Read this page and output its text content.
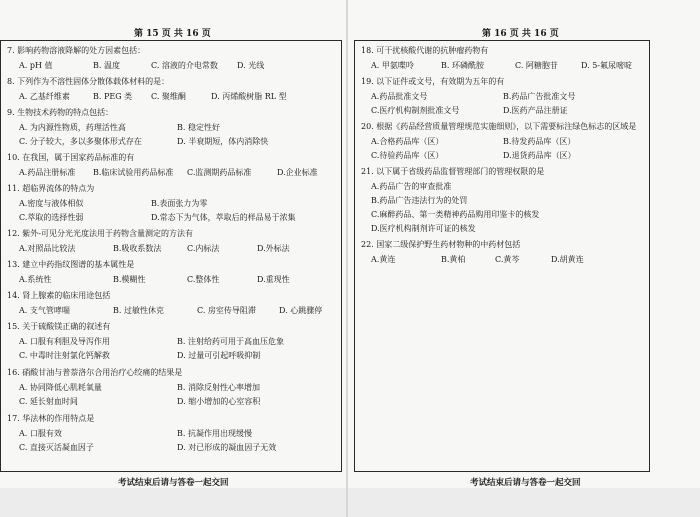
第 15 页 共 16 页
7. 影响药物溶液降解的处方因素包括：
A. pH 值	B. 温度	C. 溶液的介电常数 D. 光线
8. 下列作为不溶性固体分散体载体材料的是：
A. 乙基纤维素	B. PEG 类 C. 聚维酮	D. 丙烯酸树脂 RL 型
9. 生物技术药物的特点包括：
A. 为内源性物质，药理活性高	B. 稳定性好
C. 分子较大，多以多聚体形式存在	D. 半衰期短，体内消除快
10. 在我国，属于国家药品标准的有
A.药品注册标准 B.临床试验用药品标准 C.监测期药品标准	D.企业标准
11. 超临界流体的特点为
A.密度与液体相似	B.表面张力为零
C.萃取的选择性弱	D.常态下为气体，萃取后的样品易于浓集
12. 紫外-可见分光光度法用于药物含量测定的方法有
A.对照品比较法	B.吸收系数法	C.内标法	D.外标法
13. 建立中药指纹图谱的基本属性是
A.系统性	B.模糊性	C.整体性	D.重现性
14. 肾上腺素的临床用途包括
A. 支气管哮喘	B. 过敏性休克	C. 房室传导阻滞	D. 心跳骤停
15. 关于硫酸镁正确的叙述有
A. 口服有利胆及导泻作用	B. 注射给药可用于高血压危象
C. 中毒时注射氯化钙解救	D. 过量可引起呼吸抑制
16. 硝酸甘油与普萘洛尔合用治疗心绞痛的结果是
A. 协同降低心肌耗氧量	B. 消除反射性心率增加
C. 延长射血时间	D. 缩小增加的心室容积
17. 华法林的作用特点是
A. 口服有效	B. 抗凝作用出现缓慢
C. 直接灭活凝血因子	D. 对已形成的凝血因子无效
考试结束后请与答卷一起交回
第 16 页 共 16 页
18. 可干扰核酸代谢的抗肿瘤药物有
A. 甲氨喋呤	B. 环磷酰胺	C. 阿糖胞苷	D. 5-氟尿嘧啶
19. 以下证件或文号，有效期为五年的有
A.药品批准文号	B.药品广告批准文号
C.医疗机构制剂批准文号	D.医药产品注册证
20. 根据《药品经营质量管理规范实施细则》，以下需要标注绿色标志的区域是
A.合格药品库（区）	B.待发药品库（区）
C.待验药品库（区）	D.退货药品库（区）
21. 以下属于省级药品监督管理部门的管理权限的是
A.药品广告的审查批准
B.药品广告违法行为的处罚
C.麻醉药品、第一类精神药品购用印鉴卡的核发
D.医疗机构制剂许可证的核发
22. 国家二级保护野生药材物种的中药材包括
A.黄连	B.黄柏	C.黄芩	D.胡黄连
考试结束后请与答卷一起交回
